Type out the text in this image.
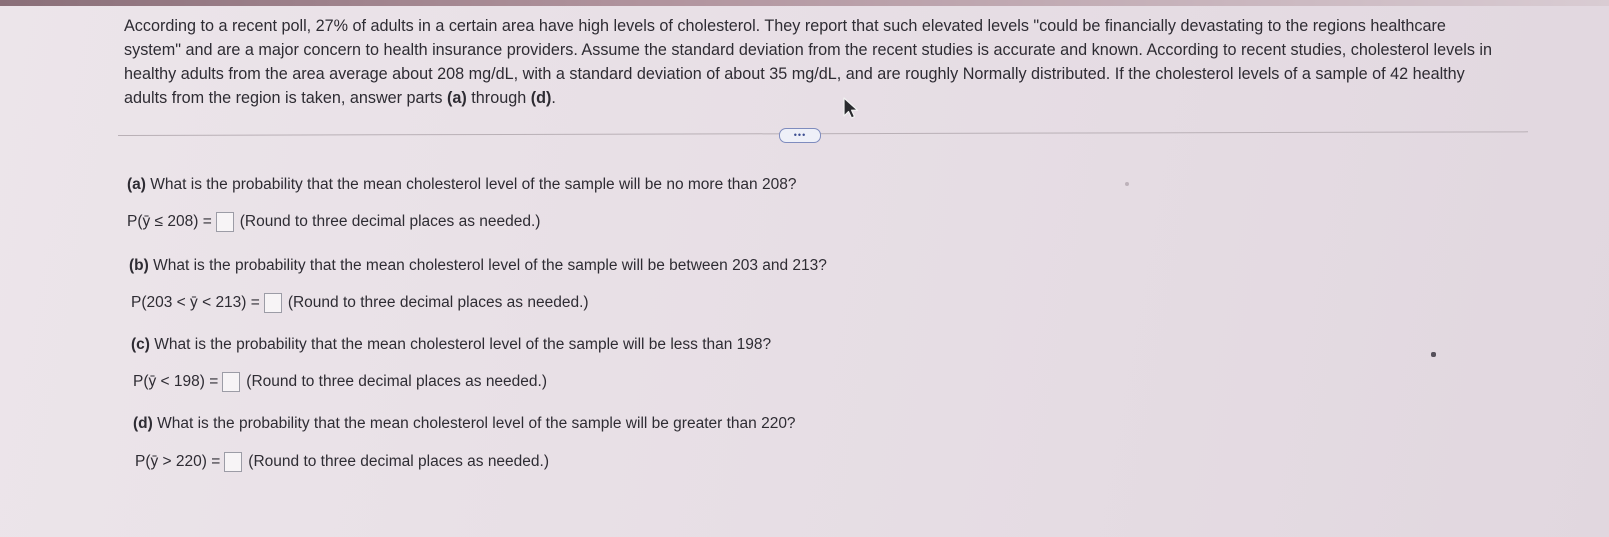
According to a recent poll, 27% of adults in a certain area have high levels of cholesterol. They report that such elevated levels "could be financially devastating to the regions healthcare system" and are a major concern to health insurance providers. Assume the standard deviation from the recent studies is accurate and known. According to recent studies, cholesterol levels in healthy adults from the area average about 208 mg/dL, with a standard deviation of about 35 mg/dL, and are roughly Normally distributed. If the cholesterol levels of a sample of 42 healthy adults from the region is taken, answer parts (a) through (d).

•••
(a) What is the probability that the mean cholesterol level of the sample will be no more than 208?
P(ȳ ≤ 208) = (Round to three decimal places as needed.)
(b) What is the probability that the mean cholesterol level of the sample will be between 203 and 213?
P(203 < ȳ < 213) = (Round to three decimal places as needed.)
(c) What is the probability that the mean cholesterol level of the sample will be less than 198?
P(ȳ < 198) = (Round to three decimal places as needed.)
(d) What is the probability that the mean cholesterol level of the sample will be greater than 220?
P(ȳ > 220) = (Round to three decimal places as needed.)
